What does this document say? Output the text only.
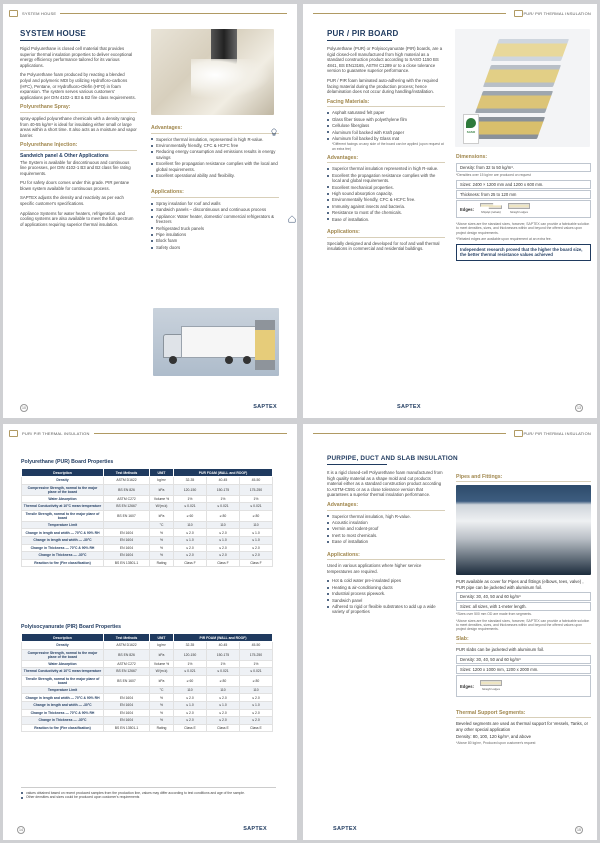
SYSTEM HOUSE
SYSTEM HOUSE

Rigid Polyurethane is closed cell material that provides superior thermal insulation properties to deliver exceptional energy efficiency performance tailored for its various applications.

the Polyurethane foam produced by reacting a blended polyol and polymeric MDI by utilizing Hydrofloro-carbons (HFC), Pentane, or Hydrofluoro-Olefin (HFO) in foam expansion. The system serves various customers' applications per DIN 4102-1 B3 & B2 fire class requirements.

Polyurethane Spray:

spray-applied polyurethane chemicals with a density ranging from 40-55 kg/m³ is ideal for insulating either small or large areas within a short time. It also acts as a moisture and vapor barrier.

Polyurethane Injection:
Sandwich panel & Other Applications

The System is available for discontinuous and continuous line processes, per DIN 4102-1 B3 and B2 class fire rating requirements.

PU for safety doors comes under this grade. PIR pentane blown system available for continuous process.

SAPTEX adjusts the density and reactivity as per each specific customer's specifications.

Appliance Systems for water heaters, refrigeration, and cooling systems are also available to meet the full spectrum of applications requiring superior thermal insulation.

Advantages:
Superior thermal insulation, represented in high R-value.
Environmentally friendly, CFC & HCFC free
Reducing energy consumption and emissions results in energy savings
Excellent fire propagation resistance complies with the local and global requirements.
Excellent operational ability and flexibility.
Applications:
Spray insulation for roof and walls
Sandwich panels – discontinuous and continuous process
Appliance: Water heater, domestic/ commercial refrigerators & freezers
Refrigerated truck panels
Pipe insulations
Block foam
Safety doors
10	SAPTEX
PUR/ PIR THERMAL INSULATION
PUR / PIR BOARD

Polyurethane (PUR) or Polyisocyanurate (PIR) boards, are a rigid closed-cell manufactured from high material as a standard construction product according to SASO 1150 BS 4841, BS EN13165, ASTM C1289 or to a close tolerance version to guarantee superior performance.

PUR / PIR foam laminated auto-adhering with the required facing material during the production process; hence delamination does not occur during handling/installation.

Facing Materials:
Asphalt saturated felt paper
Glass fiber tissue with polyethylene film
Cellulose fiberglass
Aluminum foil backed with Kraft paper
Aluminum foil backed by Glass mat
*Different facings on any side of the board can be applied (upon request at an extra fee)
Advantages:
Superior thermal insulation represented in high R-value.
Excellent the propagation resistance complies with the local and global requirements.
Excellent mechanical properties.
High sound absorption capacity.
Environmentally friendly, CFC & HCFC free.
Immunity against insects and bacteria.
Resistance to most of the chemicals.
Ease of installation.
Applications:

Specially designed and developed for roof and wall thermal insulations in commercial and residential buildings.

SASO
Dimensions:
Density: from 32 to 50 kg/m³.
*Densities over 15 kg/m³ are produced on request
Sizes: 2400 × 1200 mm and 1200 x 600 mm.
Thickness: from 25 to 120 mm
Edges:
Shiplap (rebate)	Straight edges
*Above sizes are the standard sizes, however, SAPTEX can provide a fabricable solution to meet densities, sizes, and thicknesses within and beyond the offered values upon project design requirements.
*Rebated edges are available upon requirement at an extra fee.
Independent research proved that the higher the board size, the better thermal resistance values achieved
SAPTEX	13
PUR/ PIR THERMAL INSULATION
Polyurethane (PUR) Board Properties
Description	Test Methods	UNIT	PUR FOAM (WALL and ROOF)		
Density	ASTM D1622	kg/m³	32-35	40-45	45-50
Compressive Strength, normal to the major plane of the board	BS EN 826	kPa	120-150	150-175	175-250
Water Absorption	ASTM C272	Volume %	1%	1%	1%
Thermal Conductivity at 10°C mean temperature	BS EN 12667	W/(m.k)	≤ 0.021	≤ 0.021	≤ 0.021
Tensile Strength, normal to the major plane of board	BS EN 1607	kPa	≥ 60	≥ 80	≥ 80
Temperature Limit		°C	110	110	110
Change in length and width — 70°C & 90% RH	EN 1604	%	≤ 2.0	≤ 2.0	≤ 1.0
Change in length and width — -30°C	EN 1604	%	≤ 1.0	≤ 1.0	≤ 1.0
Change in Thickness — 70°C & 90% RH	EN 1604	%	≤ 2.0	≤ 2.0	≤ 2.0
Change in Thickness — -30°C	EN 1604	%	≤ 2.0	≤ 2.0	≤ 2.0
Reaction to fire (Fire classification)	BS EN 13501-1	Rating	Class F	Class F	Class F
Polyisocyanurate (PIR) Board Properties
Description	Test Methods	UNIT	PIR FOAM (WALL and ROOF)		
Density	ASTM D1622	kg/m³	32-35	40-45	45-50
Compressive Strength, normal to the major plane of the board	BS EN 826	kPa	120-150	150-175	175-250
Water Absorption	ASTM C272	Volume %	1%	1%	1%
Thermal Conductivity at 10°C mean temperature	BS EN 12667	W/(m.k)	≤ 0.021	≤ 0.021	≤ 0.021
Tensile Strength, normal to the major plane of board	BS EN 1607	kPa	≥ 60	≥ 80	≥ 80
Temperature Limit		°C	110	110	110
Change in length and width — 70°C & 90% RH	EN 1604	%	≤ 2.0	≤ 2.0	≤ 2.0
Change in length and width — -30°C	EN 1604	%	≤ 1.0	≤ 1.0	≤ 1.0
Change in Thickness — 70°C & 90% RH	EN 1604	%	≤ 2.0	≤ 2.0	≤ 2.0
Change in Thickness — -30°C	EN 1604	%	≤ 2.0	≤ 2.0	≤ 2.0
Reaction to fire (Fire classification)	BS EN 13501-1	Rating	Class E	Class E	Class E
values obtained based on recent produced samples from the production line, values may differ according to test conditions and age of the sample.
Other densities and sizes could be produced upon customer's requirements
14	SAPTEX
PUR/ PIR THERMAL INSULATION
PURPIPE, DUCT AND SLAB INSULATION

It is a rigid closed-cell Polyurethane foam manufactured from high quality material as a shape mold and cut products material either as a standard construction product according to ASTM-C591 or as a close tolerance version that guarantees a superior thermal insulation performance.

Advantages:
Superior thermal insulation, high R-value.
Acoustic insulation
Vermin and rodent-proof
Inert to most chemicals.
Ease of installation
Applications:

Used in various applications where higher service temperatures are required.

Hot & cold water pre-insulated pipes
Heating & air-conditioning ducts
Industrial process pipework.
Sandwich panel
Adhered to rigid or flexible substrates to add up a wide variety of properties
Pipes and Fittings:
PUR available as cover for Pipes and fittings (elbows, tees, valve) , PUR pipe can be jacketed with aluminum foil.
Density: 30, 40, 50 and 60 kg/m³
Sizes: all sizes, with 1-meter length.
*Sizes over 500 mm OD are made from segments.
*Above sizes are the standard sizes, however, SAPTEX can provide a fabricable solution to meet densities, sizes, and thicknesses within and beyond the offered values upon project design requirements.
Slab:
PUR slabs can be jacketed with aluminum foil.
Density: 30, 40, 50 and 60 kg/m³
Sizes: 1200 x 1000 mm, 1200 x 2000 mm.
Edges:
Straight edges
Thermal Support Segments:
Beveled segments are used as thermal support for Vessels, Tanks, or any other special application
Density: 80, 100, 120 kg/m³, and above
*Above 80 kg/m³, Produced upon customer's request
SAPTEX	15
